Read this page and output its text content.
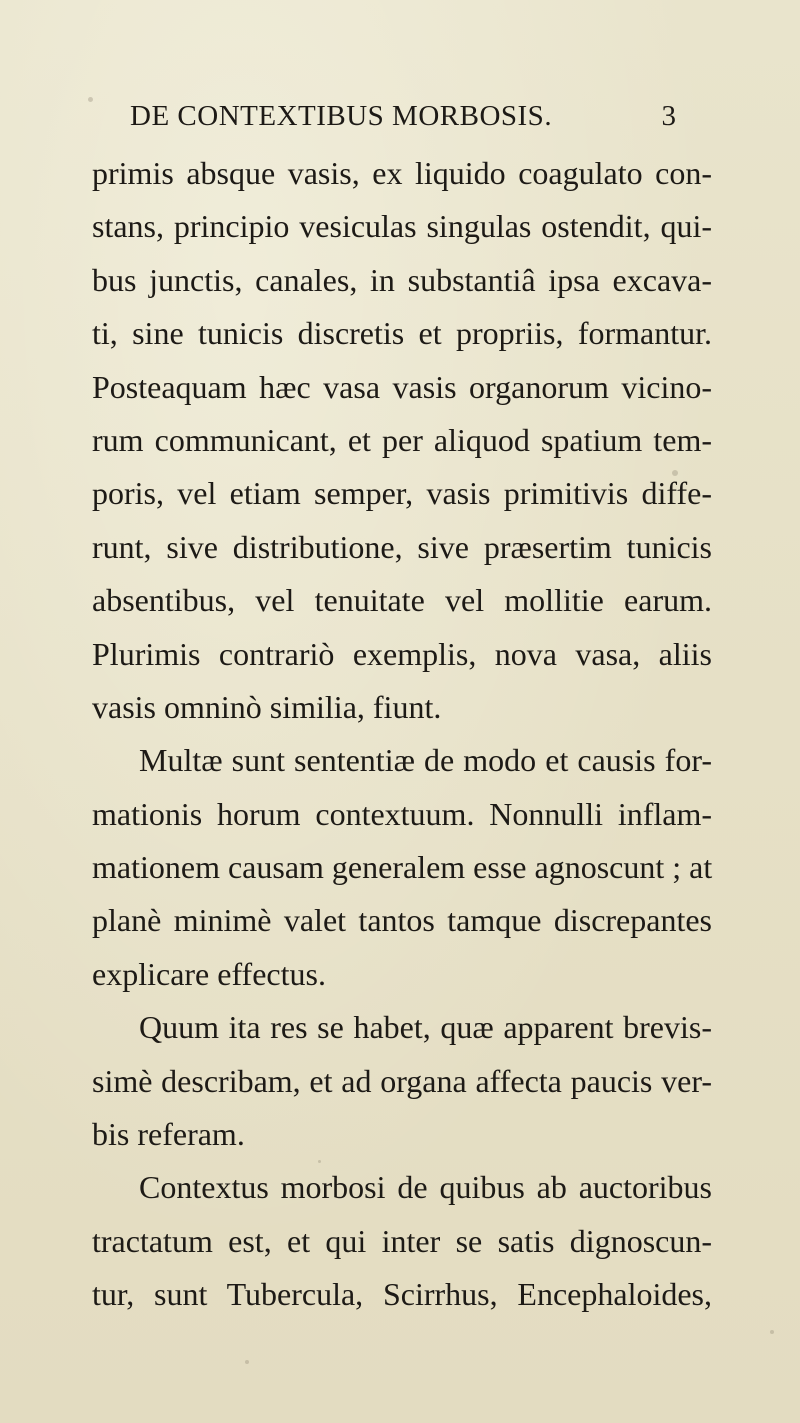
DE CONTEXTIBUS MORBOSIS.	3
primis absque vasis, ex liquido coagulato con-
stans, principio vesiculas singulas ostendit, qui-
bus junctis, canales, in substantiâ ipsa excava-
ti, sine tunicis discretis et propriis, formantur.
Posteaquam hæc vasa vasis organorum vicino-
rum communicant, et per aliquod spatium tem-
poris, vel etiam semper, vasis primitivis diffe-
runt, sive distributione, sive præsertim tunicis
absentibus, vel tenuitate vel mollitie earum.
Plurimis contrariò exemplis, nova vasa, aliis
vasis omninò similia, fiunt.
Multæ sunt sententiæ de modo et causis for-
mationis horum contextuum. Nonnulli inflam-
mationem causam generalem esse agnoscunt ; at
planè minimè valet tantos tamque discrepantes
explicare effectus.
Quum ita res se habet, quæ apparent brevis-
simè describam, et ad organa affecta paucis ver-
bis referam.
Contextus morbosi de quibus ab auctoribus
tractatum est, et qui inter se satis dignoscun-
tur, sunt Tubercula, Scirrhus, Encephaloides,
